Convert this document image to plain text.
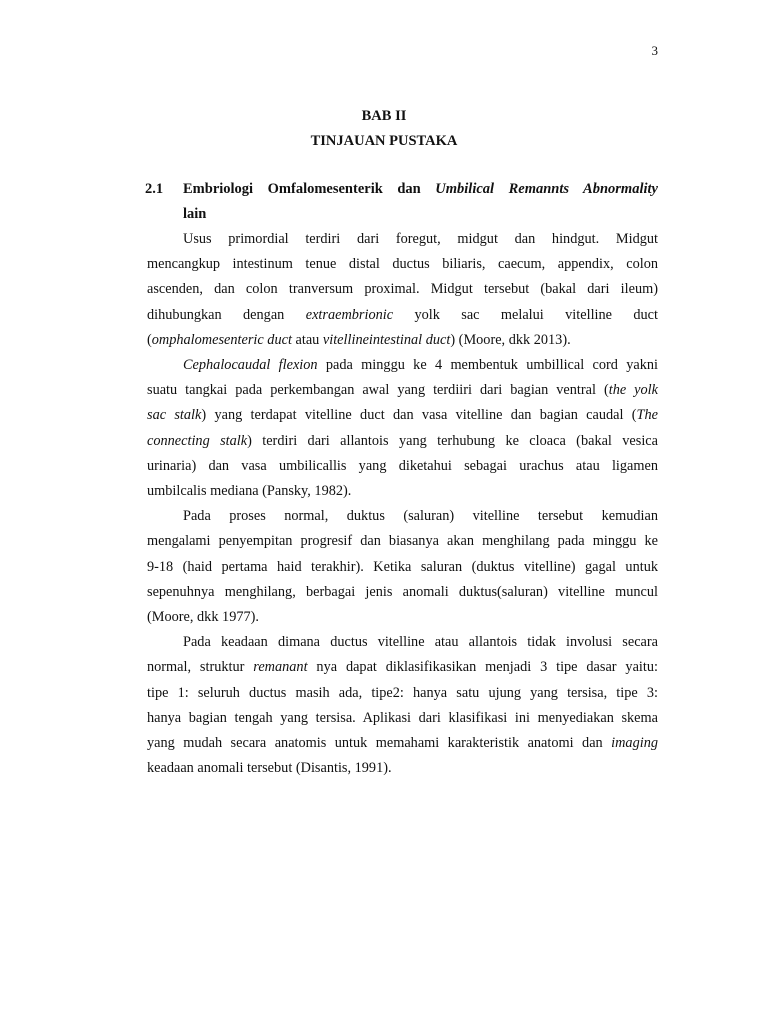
3
BAB II
TINJAUAN PUSTAKA
2.1 Embriologi Omfalomesenterik dan Umbilical Remannts Abnormality
lain
Usus primordial terdiri dari foregut, midgut dan hindgut. Midgut
mencangkup intestinum tenue distal ductus biliaris, caecum, appendix, colon
ascenden, dan colon tranversum proximal. Midgut tersebut (bakal dari ileum)
dihubungkan dengan extraembrionic yolk sac melalui vitelline duct
(omphalomesenteric duct atau vitellineintestinal duct) (Moore, dkk 2013).
Cephalocaudal flexion pada minggu ke 4 membentuk umbillical cord yakni
suatu tangkai pada perkembangan awal yang terdiiri dari bagian ventral (the yolk
sac stalk) yang terdapat vitelline duct dan vasa vitelline dan bagian caudal (The
connecting stalk) terdiri dari allantois yang terhubung ke cloaca (bakal vesica
urinaria) dan vasa umbilicallis yang diketahui sebagai urachus atau ligamen
umbilcalis mediana (Pansky, 1982).
Pada proses normal, duktus (saluran) vitelline tersebut kemudian
mengalami penyempitan progresif dan biasanya akan menghilang pada minggu ke
9-18 (haid pertama haid terakhir). Ketika saluran (duktus vitelline) gagal untuk
sepenuhnya menghilang, berbagai jenis anomali duktus(saluran) vitelline muncul
(Moore, dkk 1977).
Pada keadaan dimana ductus vitelline atau allantois tidak involusi secara
normal, struktur remanant nya dapat diklasifikasikan menjadi 3 tipe dasar yaitu:
tipe 1: seluruh ductus masih ada, tipe2: hanya satu ujung yang tersisa, tipe 3:
hanya bagian tengah yang tersisa. Aplikasi dari klasifikasi ini menyediakan skema
yang mudah secara anatomis untuk memahami karakteristik anatomi dan imaging
keadaan anomali tersebut (Disantis, 1991).
